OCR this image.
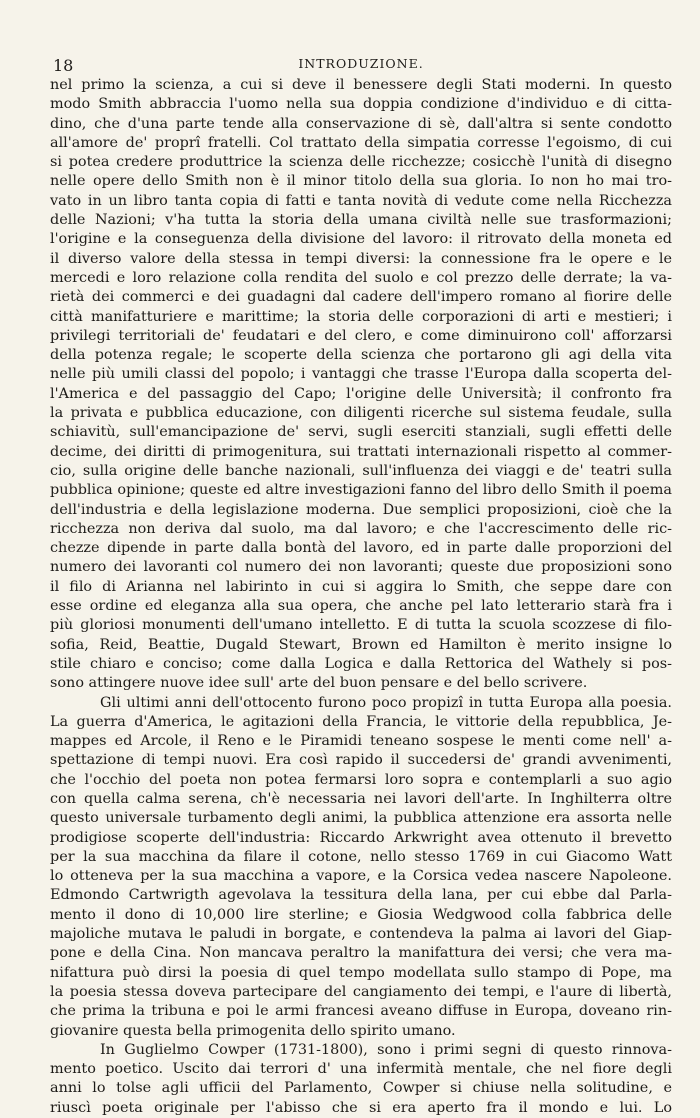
18	INTRODUZIONE.
nel primo la scienza, a cui si deve il benessere degli Stati moderni. In questo
modo Smith abbraccia l'uomo nella sua doppia condizione d'individuo e di citta-
dino, che d'una parte tende alla conservazione di sè, dall'altra si sente condotto
all'amore de' proprî fratelli. Col trattato della simpatia corresse l'egoismo, di cui
si potea credere produttrice la scienza delle ricchezze; cosicchè l'unità di disegno
nelle opere dello Smith non è il minor titolo della sua gloria. Io non ho mai tro-
vato in un libro tanta copia di fatti e tanta novità di vedute come nella Ricchezza
delle Nazioni; v'ha tutta la storia della umana civiltà nelle sue trasformazioni;
l'origine e la conseguenza della divisione del lavoro: il ritrovato della moneta ed
il diverso valore della stessa in tempi diversi: la connessione fra le opere e le
mercedi e loro relazione colla rendita del suolo e col prezzo delle derrate; la va-
rietà dei commerci e dei guadagni dal cadere dell'impero romano al fiorire delle
città manifatturiere e marittime; la storia delle corporazioni di arti e mestieri; i
privilegi territoriali de' feudatari e del clero, e come diminuirono coll' afforzarsi
della potenza regale; le scoperte della scienza che portarono gli agi della vita
nelle più umili classi del popolo; i vantaggi che trasse l'Europa dalla scoperta del-
l'America e del passaggio del Capo; l'origine delle Università; il confronto fra
la privata e pubblica educazione, con diligenti ricerche sul sistema feudale, sulla
schiavitù, sull'emancipazione de' servi, sugli eserciti stanziali, sugli effetti delle
decime, dei diritti di primogenitura, sui trattati internazionali rispetto al commer-
cio, sulla origine delle banche nazionali, sull'influenza dei viaggi e de' teatri sulla
pubblica opinione; queste ed altre investigazioni fanno del libro dello Smith il poema
dell'industria e della legislazione moderna. Due semplici proposizioni, cioè che la
ricchezza non deriva dal suolo, ma dal lavoro; e che l'accrescimento delle ric-
chezze dipende in parte dalla bontà del lavoro, ed in parte dalle proporzioni del
numero dei lavoranti col numero dei non lavoranti; queste due proposizioni sono
il filo di Arianna nel labirinto in cui si aggira lo Smith, che seppe dare con
esse ordine ed eleganza alla sua opera, che anche pel lato letterario starà fra i
più gloriosi monumenti dell'umano intelletto. E di tutta la scuola scozzese di filo-
sofia, Reid, Beattie, Dugald Stewart, Brown ed Hamilton è merito insigne lo
stile chiaro e conciso; come dalla Logica e dalla Rettorica del Wathely si pos-
sono attingere nuove idee sull' arte del buon pensare e del bello scrivere.
Gli ultimi anni dell'ottocento furono poco propizî in tutta Europa alla poesia.
La guerra d'America, le agitazioni della Francia, le vittorie della repubblica, Je-
mappes ed Arcole, il Reno e le Piramidi teneano sospese le menti come nell' a-
spettazione di tempi nuovi. Era così rapido il succedersi de' grandi avvenimenti,
che l'occhio del poeta non potea fermarsi loro sopra e contemplarli a suo agio
con quella calma serena, ch'è necessaria nei lavori dell'arte. In Inghilterra oltre
questo universale turbamento degli animi, la pubblica attenzione era assorta nelle
prodigiose scoperte dell'industria: Riccardo Arkwright avea ottenuto il brevetto
per la sua macchina da filare il cotone, nello stesso 1769 in cui Giacomo Watt
lo otteneva per la sua macchina a vapore, e la Corsica vedea nascere Napoleone.
Edmondo Cartwrigth agevolava la tessitura della lana, per cui ebbe dal Parla-
mento il dono di 10,000 lire sterline; e Giosia Wedgwood colla fabbrica delle
majoliche mutava le paludi in borgate, e contendeva la palma ai lavori del Giap-
pone e della Cina. Non mancava peraltro la manifattura dei versi; che vera ma-
nifattura può dirsi la poesia di quel tempo modellata sullo stampo di Pope, ma
la poesia stessa doveva partecipare del cangiamento dei tempi, e l'aure di libertà,
che prima la tribuna e poi le armi francesi aveano diffuse in Europa, doveano rin-
giovanire questa bella primogenita dello spirito umano.
In Guglielmo Cowper (1731-1800), sono i primi segni di questo rinnova-
mento poetico. Uscito dai terrori d' una infermità mentale, che nel fiore degli
anni lo tolse agli ufficii del Parlamento, Cowper si chiuse nella solitudine, e
riuscì poeta originale per l'abisso che si era aperto fra il mondo e lui. Lo
